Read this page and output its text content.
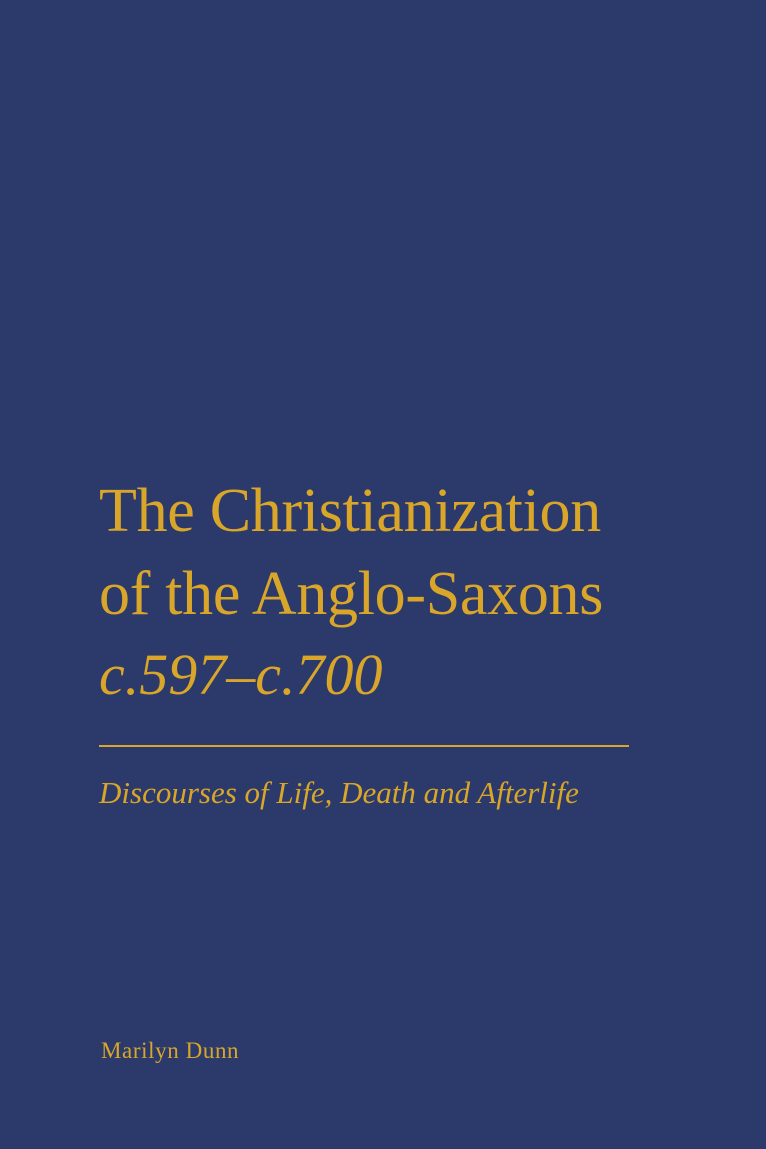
The Christianization
of the Anglo-Saxons
c.597–c.700
Discourses of Life, Death and Afterlife
Marilyn Dunn
